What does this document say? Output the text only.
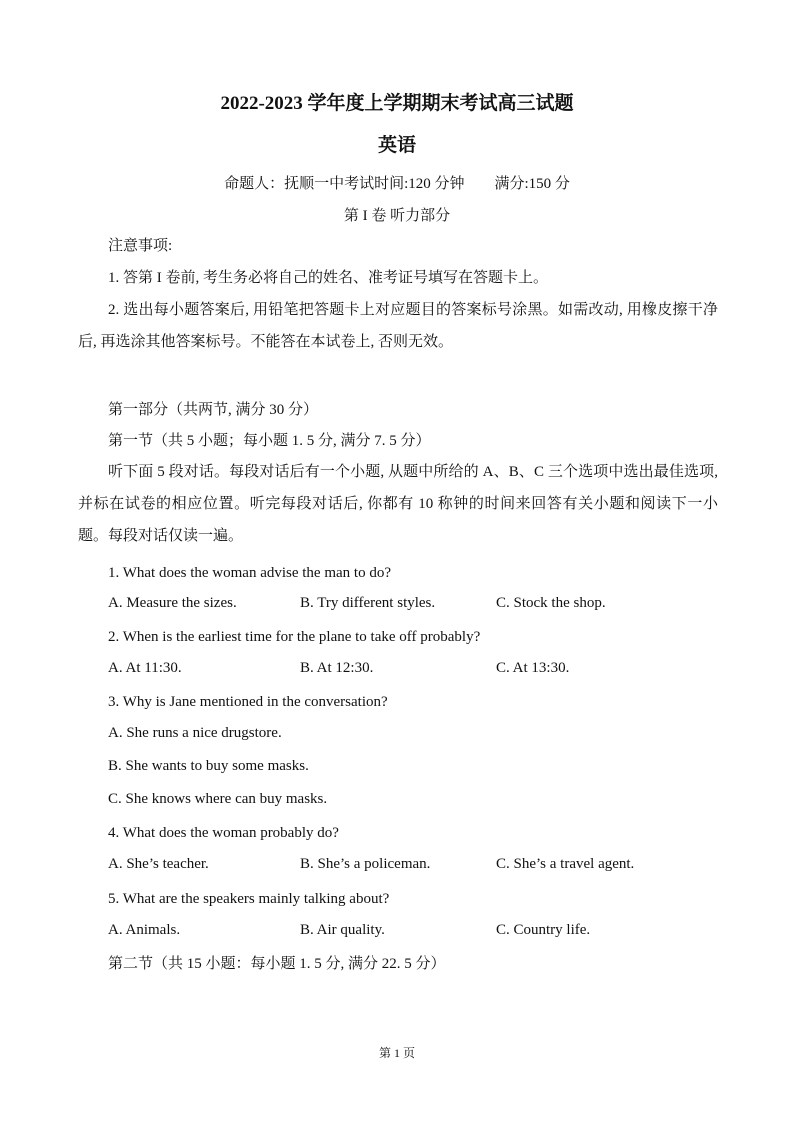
2022-2023 学年度上学期期末考试高三试题
英语
命题人：抚顺一中考试时间:120 分钟　　满分:150 分
第 I 卷 听力部分
注意事项:
1. 答第 I 卷前, 考生务必将自己的姓名、准考证号填写在答题卡上。
2. 选出每小题答案后, 用铅笔把答题卡上对应题目的答案标号涂黑。如需改动, 用橡皮擦干净后, 再选涂其他答案标号。不能答在本试卷上, 否则无效。
第一部分（共两节, 满分 30 分）
第一节（共 5 小题；每小题 1. 5 分, 满分 7. 5 分）
听下面 5 段对话。每段对话后有一个小题, 从题中所给的 A、B、C 三个选项中选出最佳选项, 并标在试卷的相应位置。听完每段对话后, 你都有 10 称钟的时间来回答有关小题和阅读下一小题。每段对话仅读一遍。
1. What does the woman advise the man to do?
A. Measure the sizes.	B. Try different styles.	C. Stock the shop.
2. When is the earliest time for the plane to take off probably?
A. At 11:30.	B. At 12:30.	C. At 13:30.
3. Why is Jane mentioned in the conversation?
A. She runs a nice drugstore.
B. She wants to buy some masks.
C. She knows where can buy masks.
4. What does the woman probably do?
A. She’s teacher.	B. She’s a policeman.	C. She’s a travel agent.
5. What are the speakers mainly talking about?
A. Animals.	B. Air quality.	C. Country life.
第二节（共 15 小题：每小题 1. 5 分, 满分 22. 5 分）
第 1 页
